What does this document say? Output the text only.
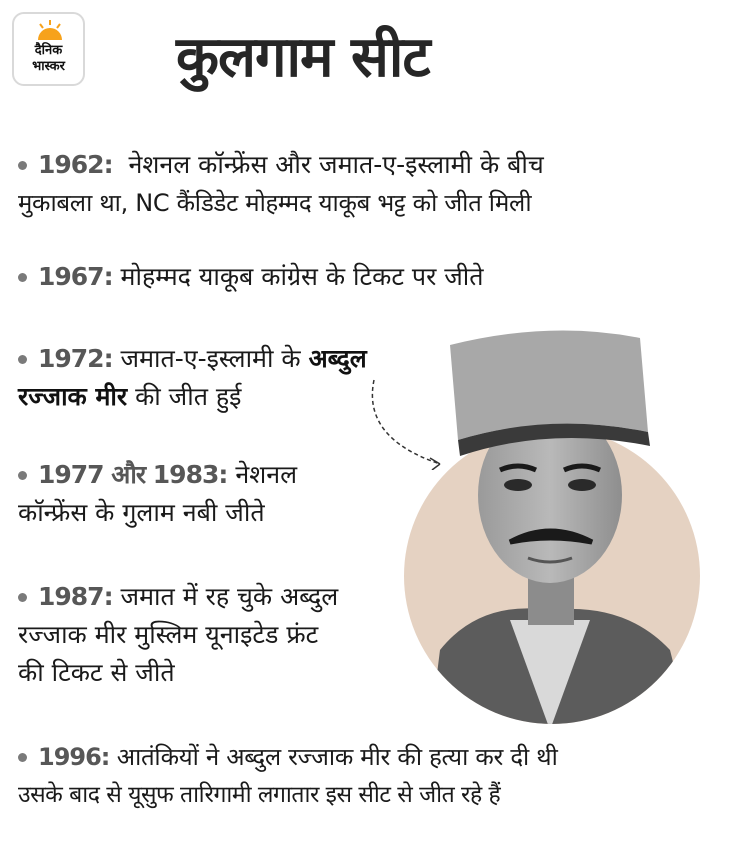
दैनिक
भास्कर	कुलगाम सीट
1962: नेशनल कॉन्फ्रेंस और जमात-ए-इस्लामी के बीच
मुकाबला था, NC कैंडिडेट मोहम्मद याकूब भट्ट को जीत मिली
1967: मोहम्मद याकूब कांग्रेस के टिकट पर जीते
1972: जमात-ए-इस्लामी के अब्दुल
रज्जाक मीर की जीत हुई
1977 और 1983: नेशनल
कॉन्फ्रेंस के गुलाम नबी जीते
1987: जमात में रह चुके अब्दुल
रज्जाक मीर मुस्लिम यूनाइटेड फ्रंट
की टिकट से जीते
1996: आतंकियों ने अब्दुल रज्जाक मीर की हत्या कर दी थी
उसके बाद से यूसुफ तारिगामी लगातार इस सीट से जीत रहे हैं
